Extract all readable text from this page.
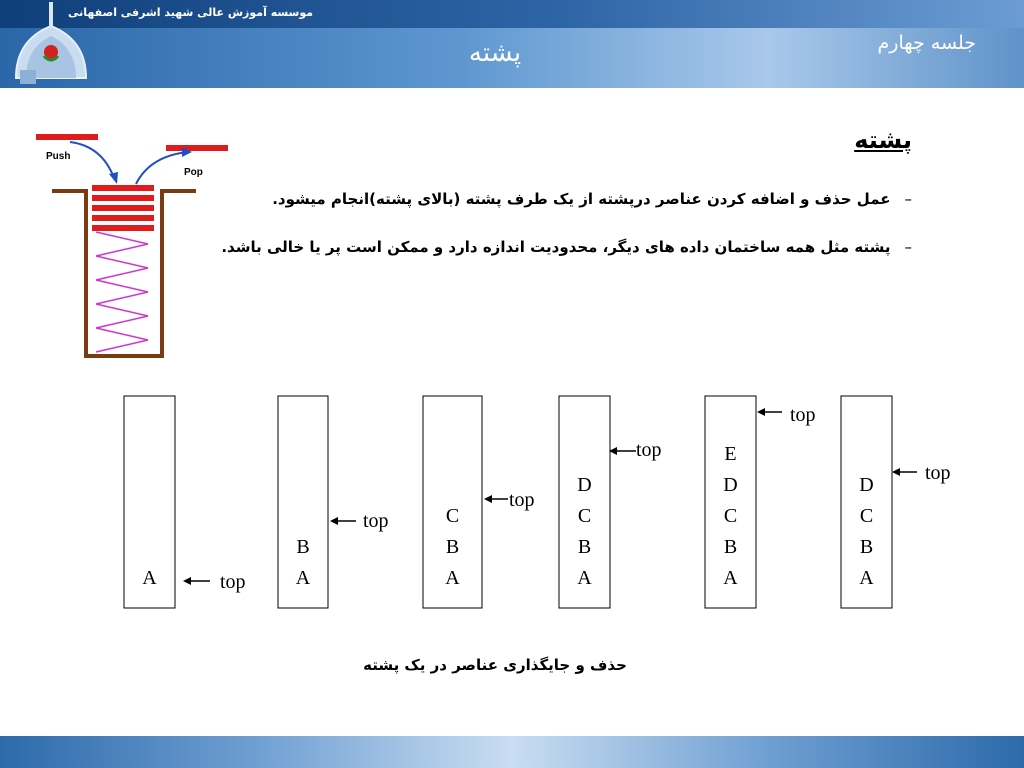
موسسه آموزش عالی شهید اشرفی اصفهانی
پشته	جلسه چهارم
Push
Pop
پشته
–عمل حذف و اضافه کردن عناصر درپشته از یک طرف پشته (بالای پشته)انجام میشود.
–پشته مثل همه ساختمان داده های دیگر، محدودیت اندازه دارد و ممکن است پر یا خالی باشد.
A	top
B
A
top	C
B
A
top
D
C
B
A
top	E
D
C
B
A
top
D
C
B
A
top
حذف و جایگذاری عناصر در یک پشته
